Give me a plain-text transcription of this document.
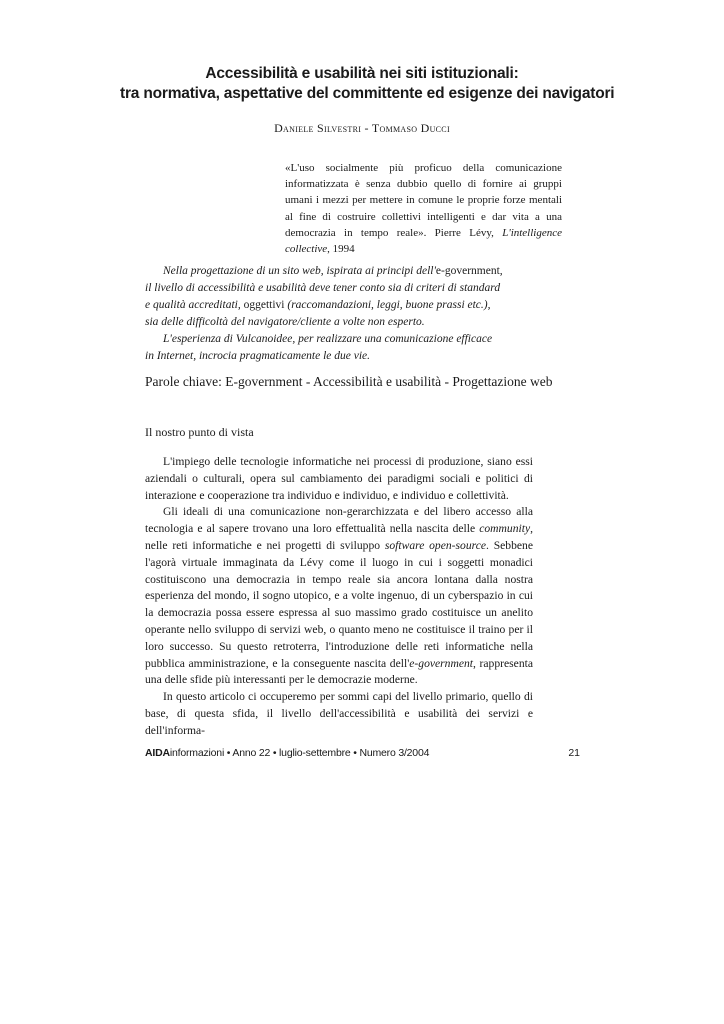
Accessibilità e usabilità nei siti istituzionali:
tra normativa, aspettative del committente ed esigenze dei navigatori
Daniele Silvestri - Tommaso Ducci
«L'uso socialmente più proficuo della comunicazione informatizzata è senza dubbio quello di fornire ai gruppi umani i mezzi per mettere in comune le proprie forze mentali al fine di costruire collettivi intelligenti e dar vita a una democrazia in tempo reale». Pierre Lévy, L'intelligence collective, 1994

Nella progettazione di un sito web, ispirata ai principi dell'e-government, il livello di accessibilità e usabilità deve tener conto sia di criteri di standard e qualità accreditati, oggettivi (raccomandazioni, leggi, buone prassi etc.), sia delle difficoltà del navigatore/cliente a volte non esperto.

L'esperienza di Vulcanoidee, per realizzare una comunicazione efficace in Internet, incrocia pragmaticamente le due vie.

Parole chiave: E-government - Accessibilità e usabilità - Progettazione web
Il nostro punto di vista

L'impiego delle tecnologie informatiche nei processi di produzione, siano essi aziendali o culturali, opera sul cambiamento dei paradigmi sociali e politici di interazione e cooperazione tra individuo e individuo, e individuo e collettività.

Gli ideali di una comunicazione non-gerarchizzata e del libero accesso alla tecnologia e al sapere trovano una loro effettualità nella nascita delle community, nelle reti informatiche e nei progetti di sviluppo software open-source. Sebbene l'agorà virtuale immaginata da Lévy come il luogo in cui i soggetti monadici costituiscono una democrazia in tempo reale sia ancora lontana dalla nostra esperienza del mondo, il sogno utopico, e a volte ingenuo, di un cyberspazio in cui la democrazia possa essere espressa al suo massimo grado costituisce un anelito operante nello sviluppo di servizi web, o quanto meno ne costituisce il traino per il loro successo. Su questo retroterra, l'introduzione delle reti informatiche nella pubblica amministrazione, e la conseguente nascita dell'e-government, rappresenta una delle sfide più interessanti per le democrazie moderne.

In questo articolo ci occuperemo per sommi capi del livello primario, quello di base, di questa sfida, il livello dell'accessibilità e usabilità dei servizi e dell'informa-

AIDAinformazioni • Anno 22 • luglio-settembre • Numero 3/2004	21
